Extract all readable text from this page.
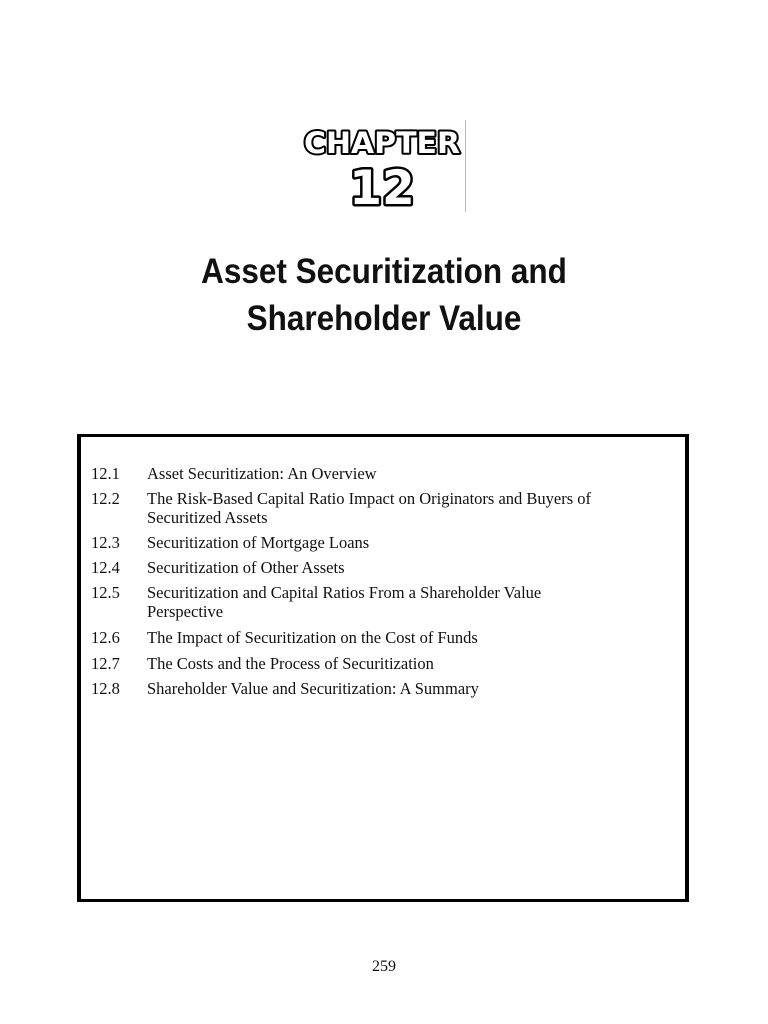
CHAPTER
12
Asset Securitization and
Shareholder Value
12.1	Asset Securitization: An Overview
12.2	The Risk-Based Capital Ratio Impact on Originators and Buyers of Securitized Assets
12.3	Securitization of Mortgage Loans
12.4	Securitization of Other Assets
12.5	Securitization and Capital Ratios From a Shareholder Value Perspective
12.6	The Impact of Securitization on the Cost of Funds
12.7	The Costs and the Process of Securitization
12.8	Shareholder Value and Securitization: A Summary
259
